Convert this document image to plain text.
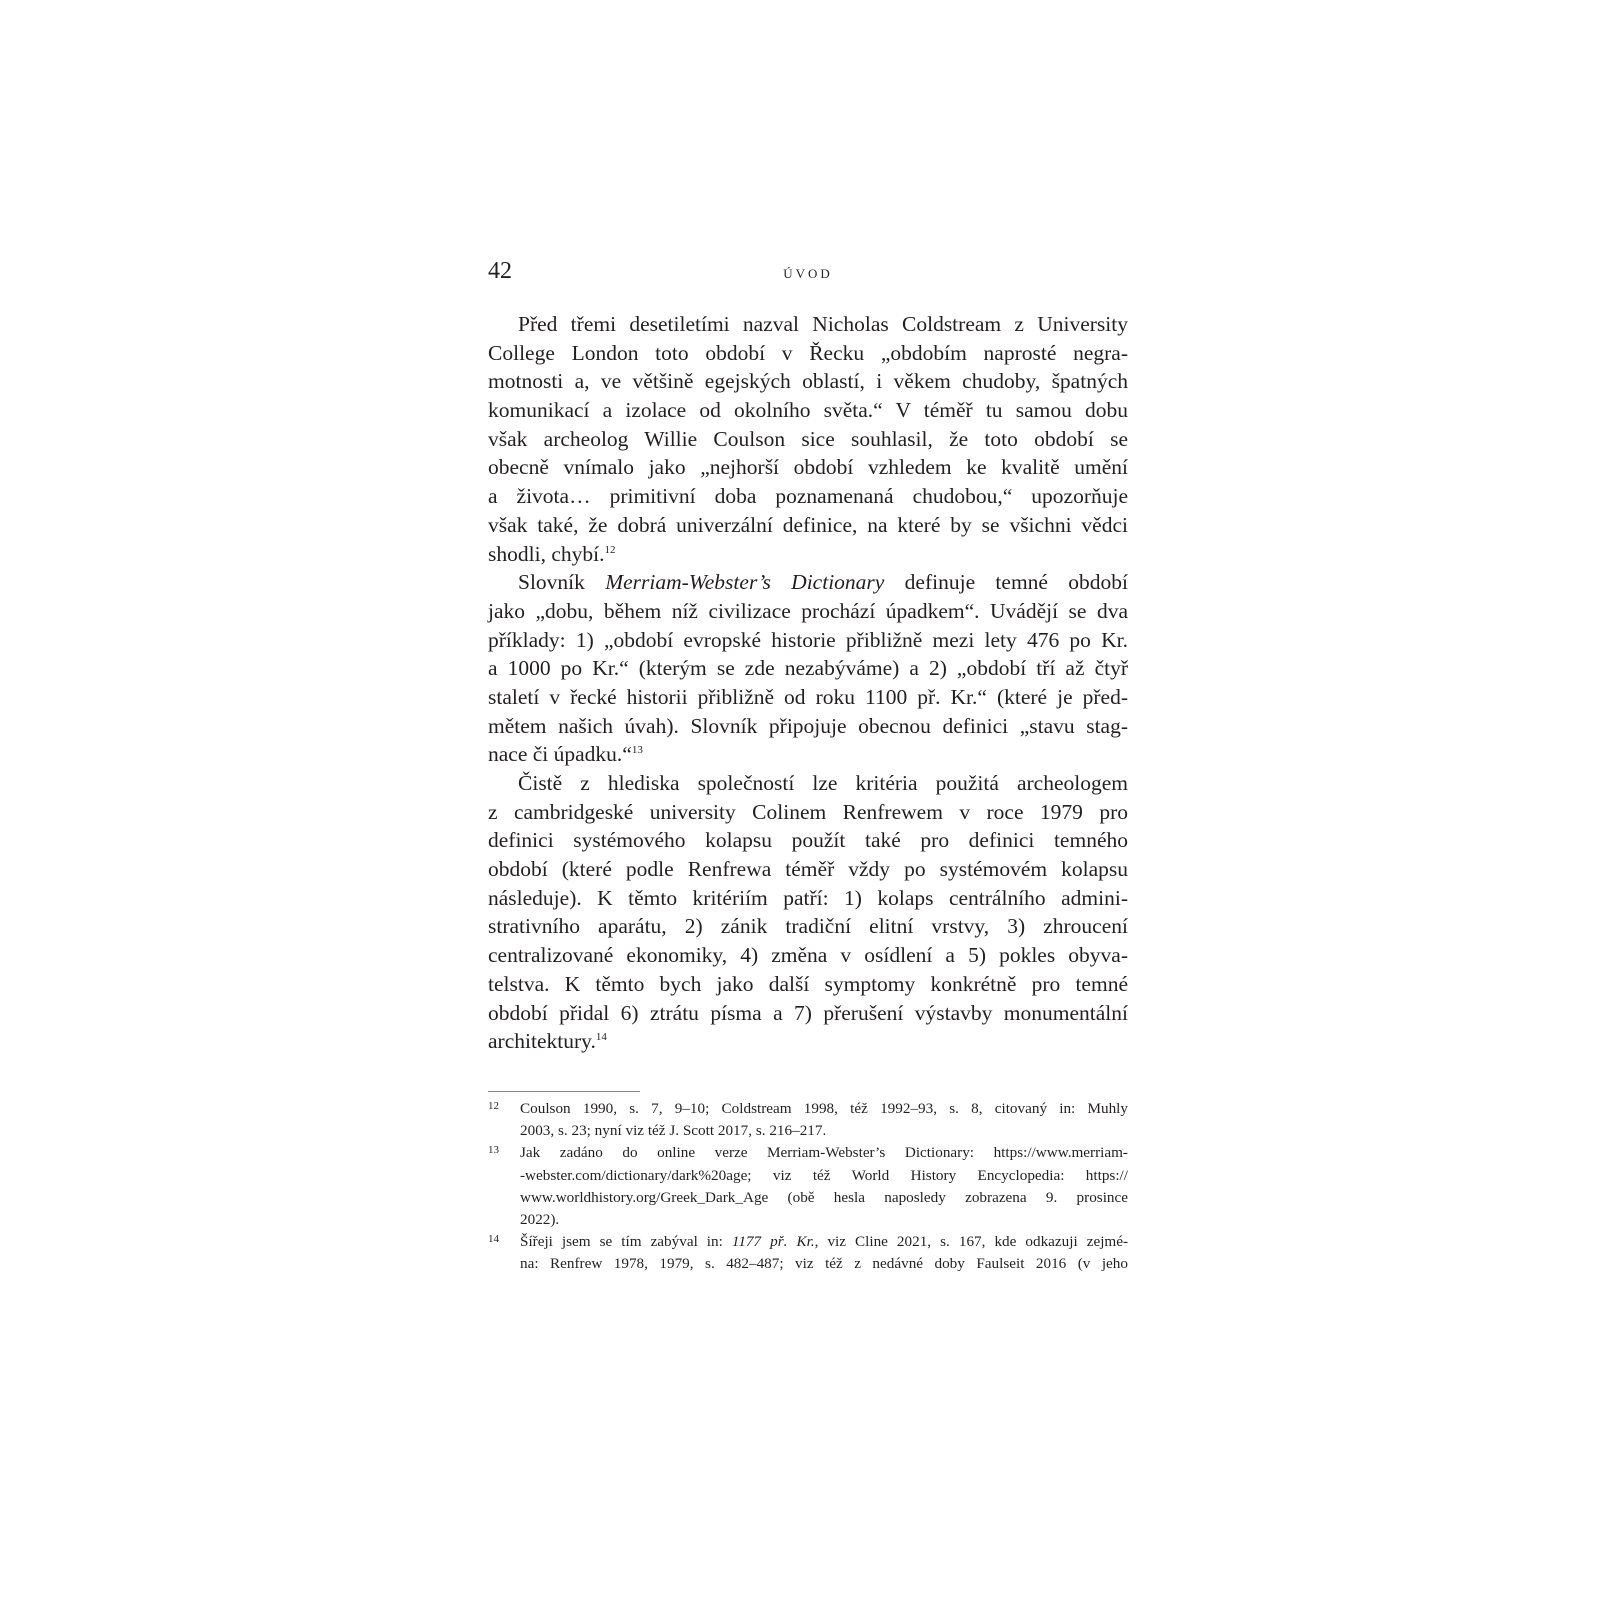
42	ÚVOD
Před třemi desetiletími nazval Nicholas Coldstream z University
College London toto období v Řecku „obdobím naprosté negra-
motnosti a, ve většině egejských oblastí, i věkem chudoby, špatných
komunikací a izolace od okolního světa.“ V téměř tu samou dobu
však archeolog Willie Coulson sice souhlasil, že toto období se
obecně vnímalo jako „nejhorší období vzhledem ke kvalitě umění
a života… primitivní doba poznamenaná chudobou,“ upozorňuje
však také, že dobrá univerzální definice, na které by se všichni vědci
shodli, chybí.$^{12}$
Slovník Merriam-Webster’s Dictionary definuje temné období
jako „dobu, během níž civilizace prochází úpadkem“. Uvádějí se dva
příklady: 1) „období evropské historie přibližně mezi lety 476 po Kr.
a 1000 po Kr.“ (kterým se zde nezabýváme) a 2) „období tří až čtyř
staletí v řecké historii přibližně od roku 1100 př. Kr.“ (které je před-
mětem našich úvah). Slovník připojuje obecnou definici „stavu stag-
nace či úpadku.“$^{13}$
Čistě z hlediska společností lze kritéria použitá archeologem
z cambridgeské university Colinem Renfrewem v roce 1979 pro
definici systémového kolapsu použít také pro definici temného
období (které podle Renfrewa téměř vždy po systémovém kolapsu
následuje). K těmto kritériím patří: 1) kolaps centrálního admini-
strativního aparátu, 2) zánik tradiční elitní vrstvy, 3) zhroucení
centralizované ekonomiky, 4) změna v osídlení a 5) pokles obyva-
telstva. K těmto bych jako další symptomy konkrétně pro temné
období přidal 6) ztrátu písma a 7) přerušení výstavby monumentální
architektury.$^{14}$
12 Coulson 1990, s. 7, 9–10; Coldstream 1998, též 1992–93, s. 8, citovaný in: Muhly
2003, s. 23; nyní viz též J. Scott 2017, s. 216–217.
13 Jak zadáno do online verze Merriam-Webster’s Dictionary: https://www.merriam-
-webster.com/dictionary/dark%20age; viz též World History Encyclopedia: https://
www.worldhistory.org/Greek_Dark_Age (obě hesla naposledy zobrazena 9. prosince
2022).
14 Šířeji jsem se tím zabýval in: 1177 př. Kr., viz Cline 2021, s. 167, kde odkazuji zejmé-
na: Renfrew 1978, 1979, s. 482–487; viz též z nedávné doby Faulseit 2016 (v jeho
